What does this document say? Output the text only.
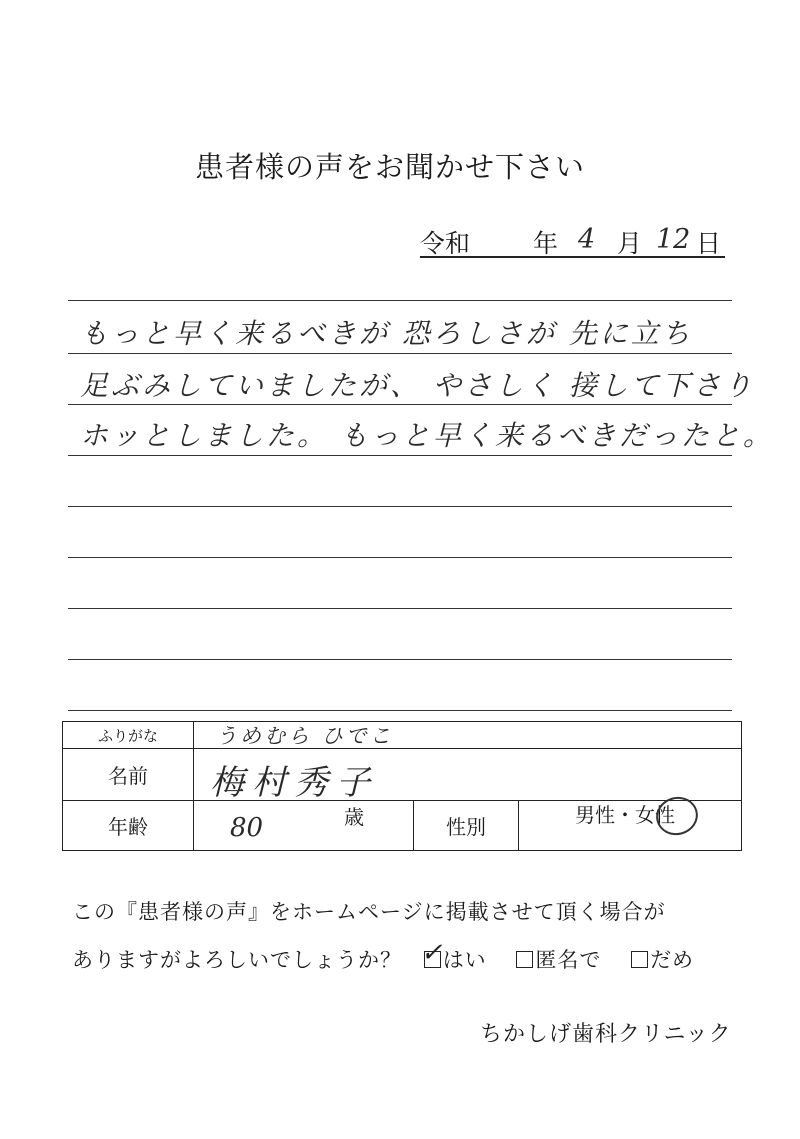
患者様の声をお聞かせ下さい
令和	年 4 月 12 日
もっと早く来るべきが 恐ろしさが 先に立ち
足ぶみしていましたが、 やさしく 接して下さり
ホッとしました。 もっと早く来るべきだったと。
ふりがな	うめむら ひでこ		

名前	梅村秀子		

年齢	80 歳	性別	男性・女性
この『患者様の声』をホームページに掲載させて頂く場合が
ありますがよろしいでしょうか？ ✓ はい 匿名で だめ
ちかしげ歯科クリニック
